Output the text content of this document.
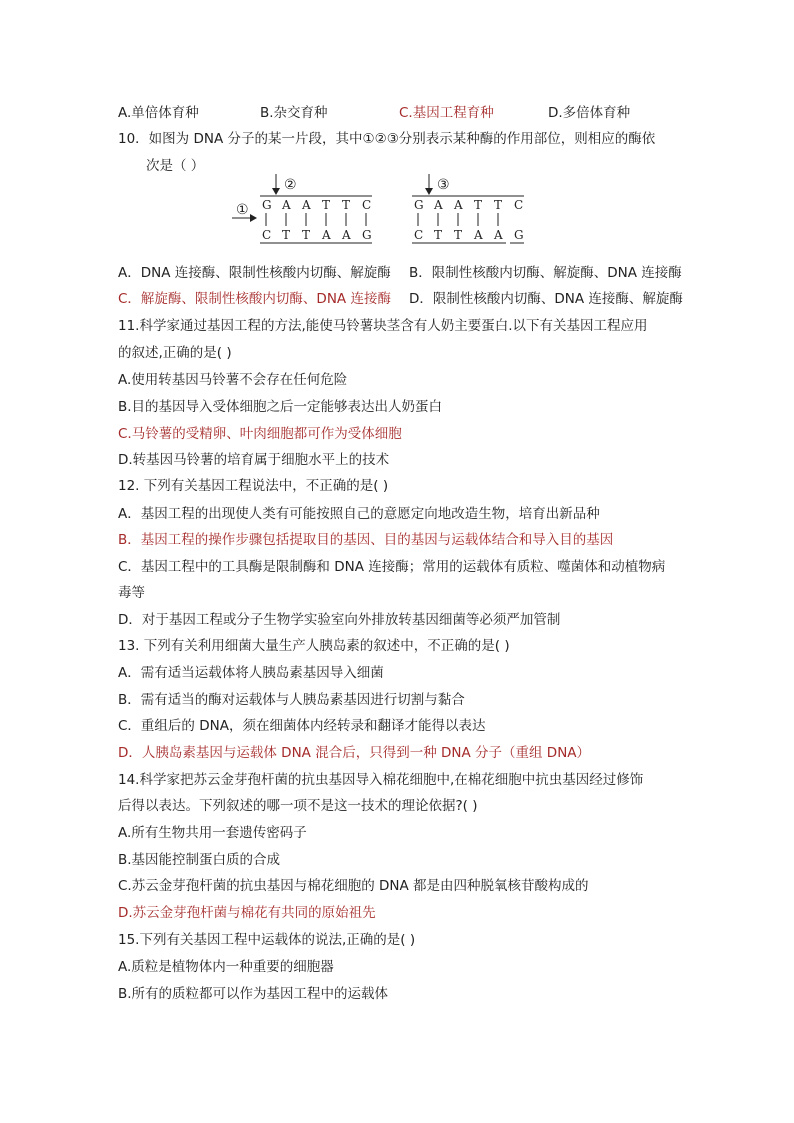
A.单倍体育种	B.杂交育种	C.基因工程育种	D.多倍体育种
10．如图为 DNA 分子的某一片段，其中①②③分别表示某种酶的作用部位，则相应的酶依
次是（ ）
②
① G A A T T C
C T T A A G
③
G A A T T C
C T T A A G
A．DNA 连接酶、限制性核酸内切酶、解旋酶 B．限制性核酸内切酶、解旋酶、DNA 连接酶
C．解旋酶、限制性核酸内切酶、DNA 连接酶 D．限制性核酸内切酶、DNA 连接酶、解旋酶
11.科学家通过基因工程的方法,能使马铃薯块茎含有人奶主要蛋白.以下有关基因工程应用
的叙述,正确的是( )
A.使用转基因马铃薯不会存在任何危险
B.目的基因导入受体细胞之后一定能够表达出人奶蛋白
C.马铃薯的受精卵、叶肉细胞都可作为受体细胞
D.转基因马铃薯的培育属于细胞水平上的技术
12. 下列有关基因工程说法中，不正确的是( )
A．基因工程的出现使人类有可能按照自己的意愿定向地改造生物，培育出新品种
B．基因工程的操作步骤包括提取目的基因、目的基因与运载体结合和导入目的基因
C．基因工程中的工具酶是限制酶和 DNA 连接酶；常用的运载体有质粒、噬菌体和动植物病
毒等
D．对于基因工程或分子生物学实验室向外排放转基因细菌等必须严加管制
13. 下列有关利用细菌大量生产人胰岛素的叙述中，不正确的是( )
A．需有适当运载体将人胰岛素基因导入细菌
B．需有适当的酶对运载体与人胰岛素基因进行切割与黏合
C．重组后的 DNA，须在细菌体内经转录和翻译才能得以表达
D．人胰岛素基因与运载体 DNA 混合后，只得到一种 DNA 分子（重组 DNA）
14.科学家把苏云金芽孢杆菌的抗虫基因导入棉花细胞中,在棉花细胞中抗虫基因经过修饰
后得以表达。下列叙述的哪一项不是这一技术的理论依据?( )
A.所有生物共用一套遗传密码子
B.基因能控制蛋白质的合成
C.苏云金芽孢杆菌的抗虫基因与棉花细胞的 DNA 都是由四种脱氧核苷酸构成的
D.苏云金芽孢杆菌与棉花有共同的原始祖先
15.下列有关基因工程中运载体的说法,正确的是( )
A.质粒是植物体内一种重要的细胞器
B.所有的质粒都可以作为基因工程中的运载体
